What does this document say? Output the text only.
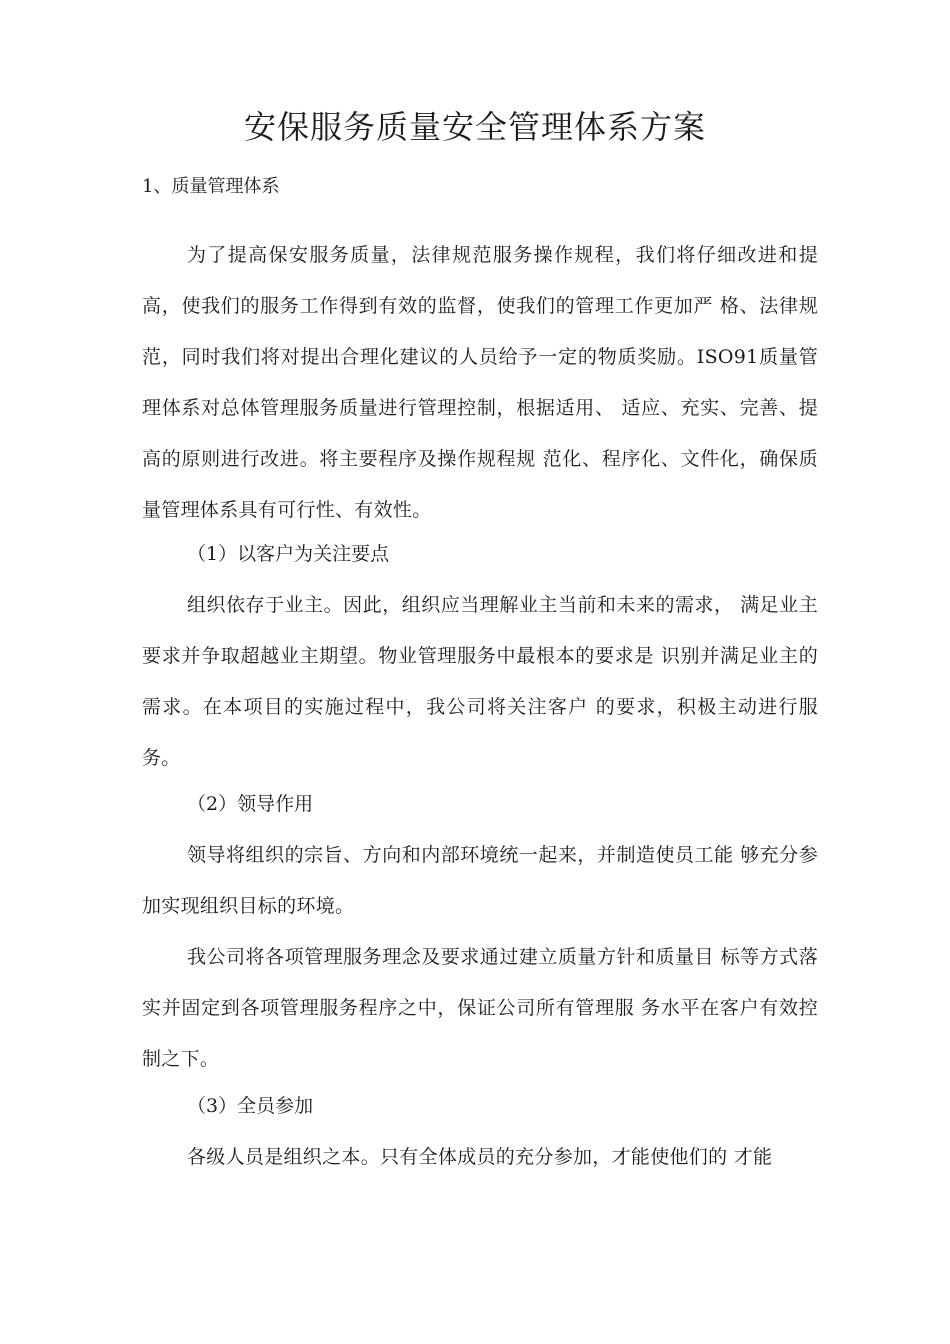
安保服务质量安全管理体系方案
1、质量管理体系

为了提高保安服务质量，法律规范服务操作规程，我们将仔细改进和提高，使我们的服务工作得到有效的监督，使我们的管理工作更加严 格、法律规范，同时我们将对提出合理化建议的人员给予一定的物质奖励。ISO91质量管理体系对总体管理服务质量进行管理控制，根据适用、 适应、充实、完善、提高的原则进行改进。将主要程序及操作规程规 范化、程序化、文件化，确保质量管理体系具有可行性、有效性。

（1）以客户为关注要点

组织依存于业主。因此，组织应当理解业主当前和未来的需求， 满足业主要求并争取超越业主期望。物业管理服务中最根本的要求是 识别并满足业主的需求。在本项目的实施过程中，我公司将关注客户 的要求，积极主动进行服务。

（2）领导作用

领导将组织的宗旨、方向和内部环境统一起来，并制造使员工能 够充分参加实现组织目标的环境。

我公司将各项管理服务理念及要求通过建立质量方针和质量目 标等方式落实并固定到各项管理服务程序之中，保证公司所有管理服 务水平在客户有效控制之下。

（3）全员参加

各级人员是组织之本。只有全体成员的充分参加，才能使他们的 才能
